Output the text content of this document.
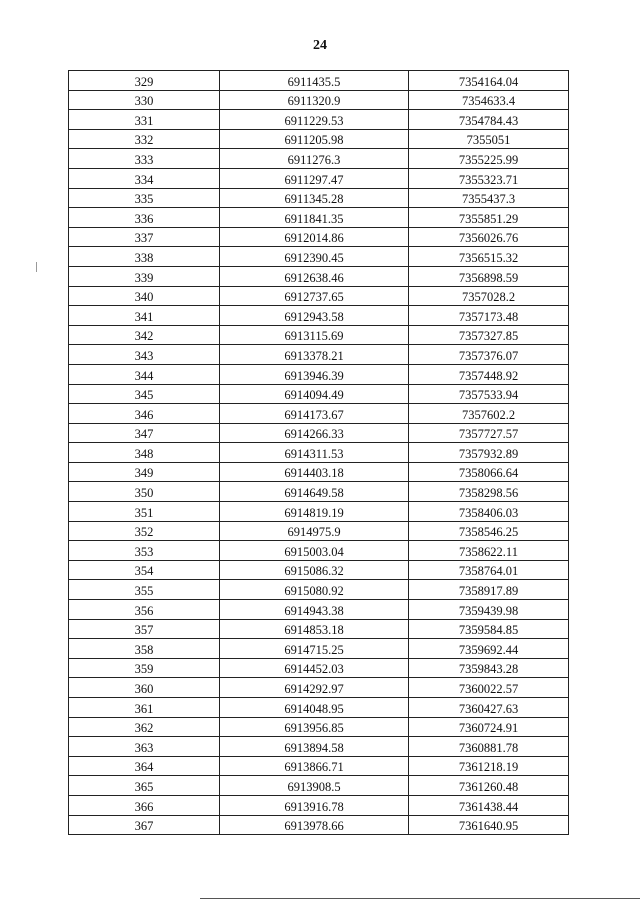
24
329	6911435.5	7354164.04
330	6911320.9	7354633.4
331	6911229.53	7354784.43
332	6911205.98	7355051
333	6911276.3	7355225.99
334	6911297.47	7355323.71
335	6911345.28	7355437.3
336	6911841.35	7355851.29
337	6912014.86	7356026.76
338	6912390.45	7356515.32
339	6912638.46	7356898.59
340	6912737.65	7357028.2
341	6912943.58	7357173.48
342	6913115.69	7357327.85
343	6913378.21	7357376.07
344	6913946.39	7357448.92
345	6914094.49	7357533.94
346	6914173.67	7357602.2
347	6914266.33	7357727.57
348	6914311.53	7357932.89
349	6914403.18	7358066.64
350	6914649.58	7358298.56
351	6914819.19	7358406.03
352	6914975.9	7358546.25
353	6915003.04	7358622.11
354	6915086.32	7358764.01
355	6915080.92	7358917.89
356	6914943.38	7359439.98
357	6914853.18	7359584.85
358	6914715.25	7359692.44
359	6914452.03	7359843.28
360	6914292.97	7360022.57
361	6914048.95	7360427.63
362	6913956.85	7360724.91
363	6913894.58	7360881.78
364	6913866.71	7361218.19
365	6913908.5	7361260.48
366	6913916.78	7361438.44
367	6913978.66	7361640.95
